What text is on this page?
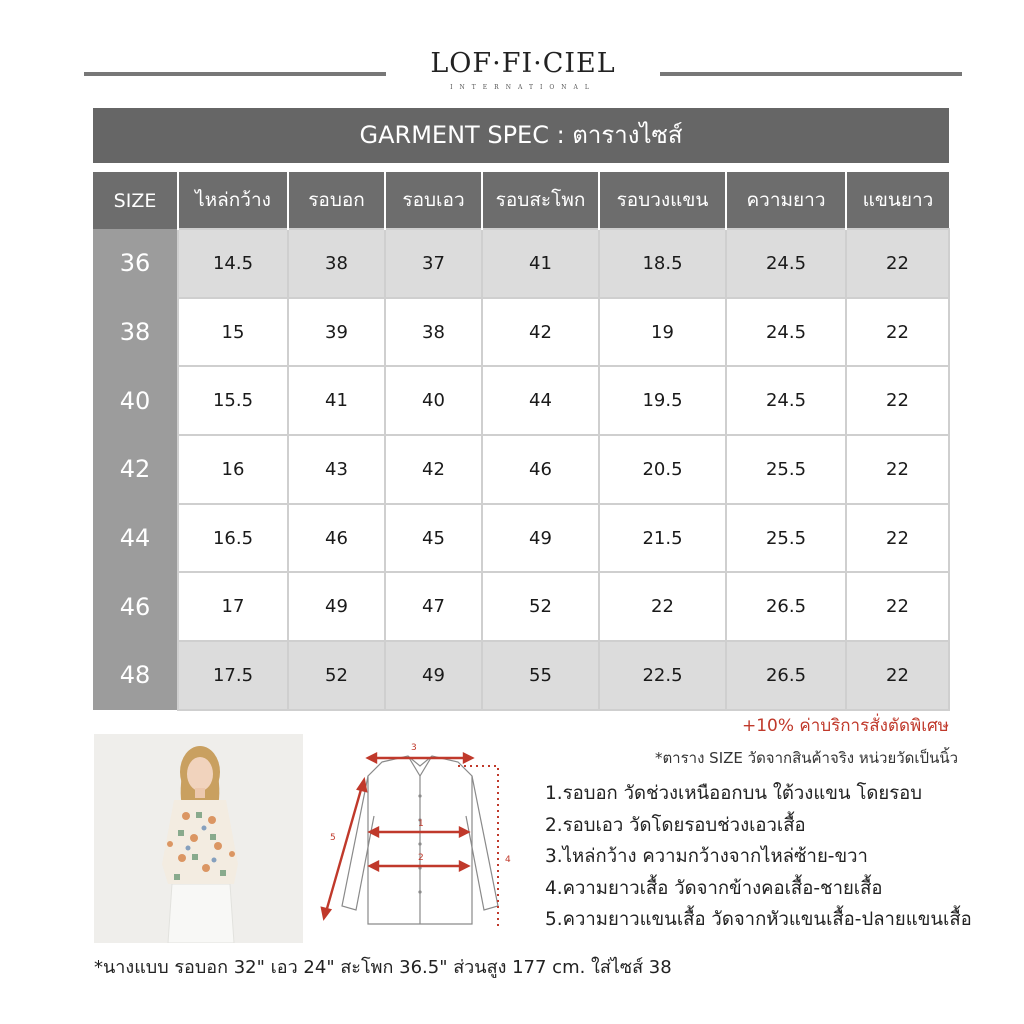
LOF·FI·CIEL
INTERNATIONAL
GARMENT SPEC : ตารางไซส์
SIZE	ไหล่กว้าง	รอบอก	รอบเอว	รอบสะโพก	รอบวงแขน	ความยาว	แขนยาว
36	14.5	38	37	41	18.5	24.5	22
38	15	39	38	42	19	24.5	22
40	15.5	41	40	44	19.5	24.5	22
42	16	43	42	46	20.5	25.5	22
44	16.5	46	45	49	21.5	25.5	22
46	17	49	47	52	22	26.5	22
48	17.5	52	49	55	22.5	26.5	22
3
1
2	4
5
+10% ค่าบริการสั่งตัดพิเศษ
*ตาราง SIZE วัดจากสินค้าจริง หน่วยวัดเป็นนิ้ว
1.รอบอก วัดช่วงเหนืออกบน ใต้วงแขน โดยรอบ
2.รอบเอว วัดโดยรอบช่วงเอวเสื้อ
3.ไหล่กว้าง ความกว้างจากไหล่ซ้าย-ขวา
4.ความยาวเสื้อ วัดจากข้างคอเสื้อ-ชายเสื้อ
5.ความยาวแขนเสื้อ วัดจากหัวแขนเสื้อ-ปลายแขนเสื้อ
*นางแบบ รอบอก 32" เอว 24" สะโพก 36.5" ส่วนสูง 177 cm. ใส่ไซส์ 38
